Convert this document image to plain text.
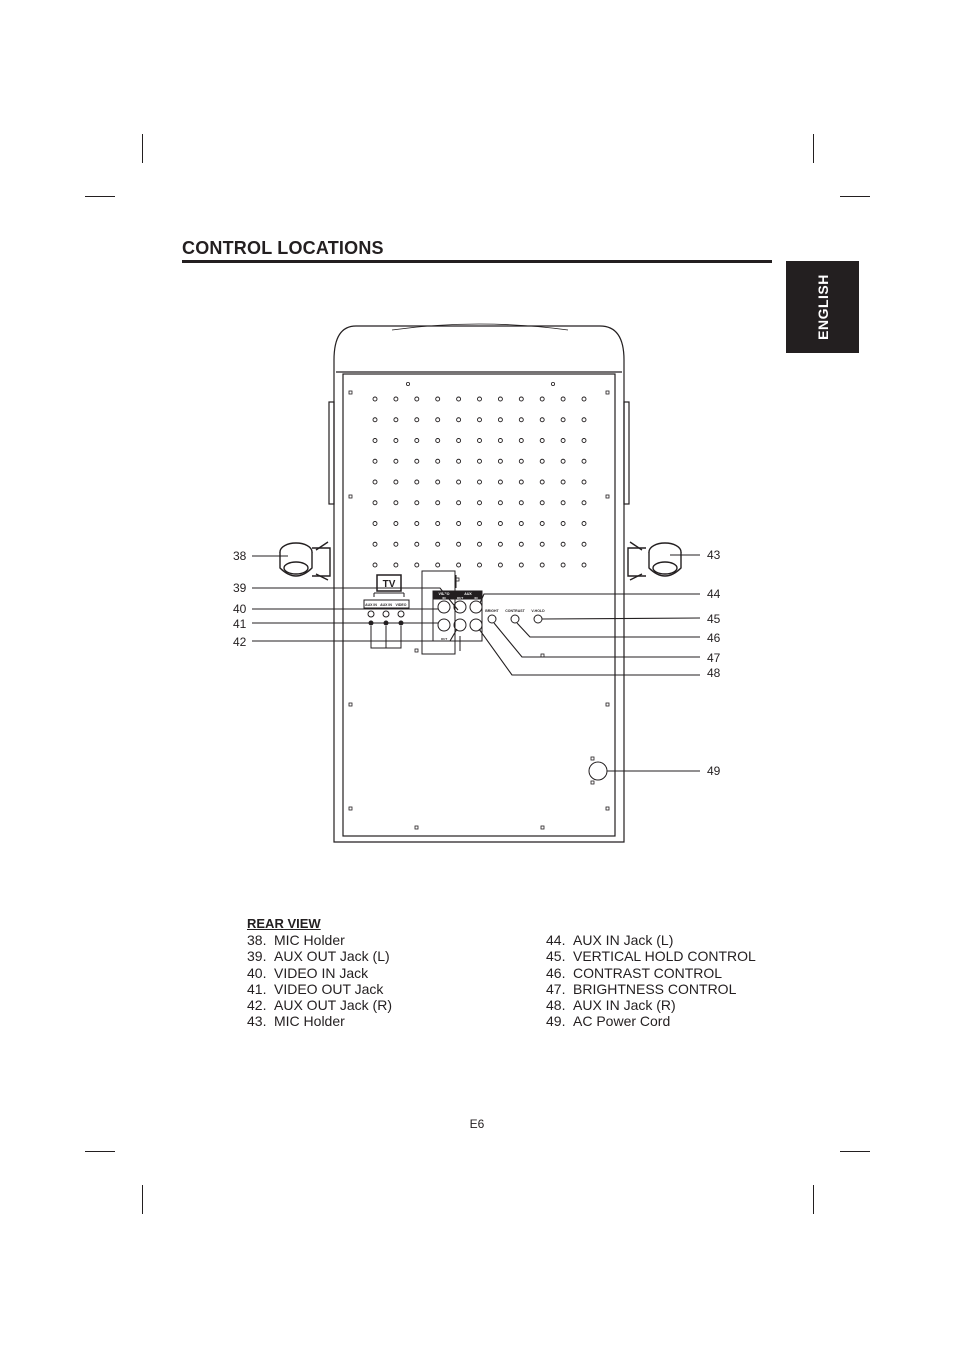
CONTROL LOCATIONS
ENGLISH
TV
AUX IN AUX IN VIDEO
VIDEO	AUX
IN	OUT	IN
OUT
BRIGHT CONTRAST V-HOLD
38
39
40
41
42
43
44
45
46
47
48
49
REAR VIEW
38. MIC Holder
39. AUX OUT Jack (L)
40. VIDEO IN Jack
41. VIDEO OUT Jack
42. AUX OUT Jack (R)
43. MIC Holder
44. AUX IN Jack (L)
45. VERTICAL HOLD CONTROL
46. CONTRAST CONTROL
47. BRIGHTNESS CONTROL
48. AUX IN Jack (R)
49. AC Power Cord
E6
